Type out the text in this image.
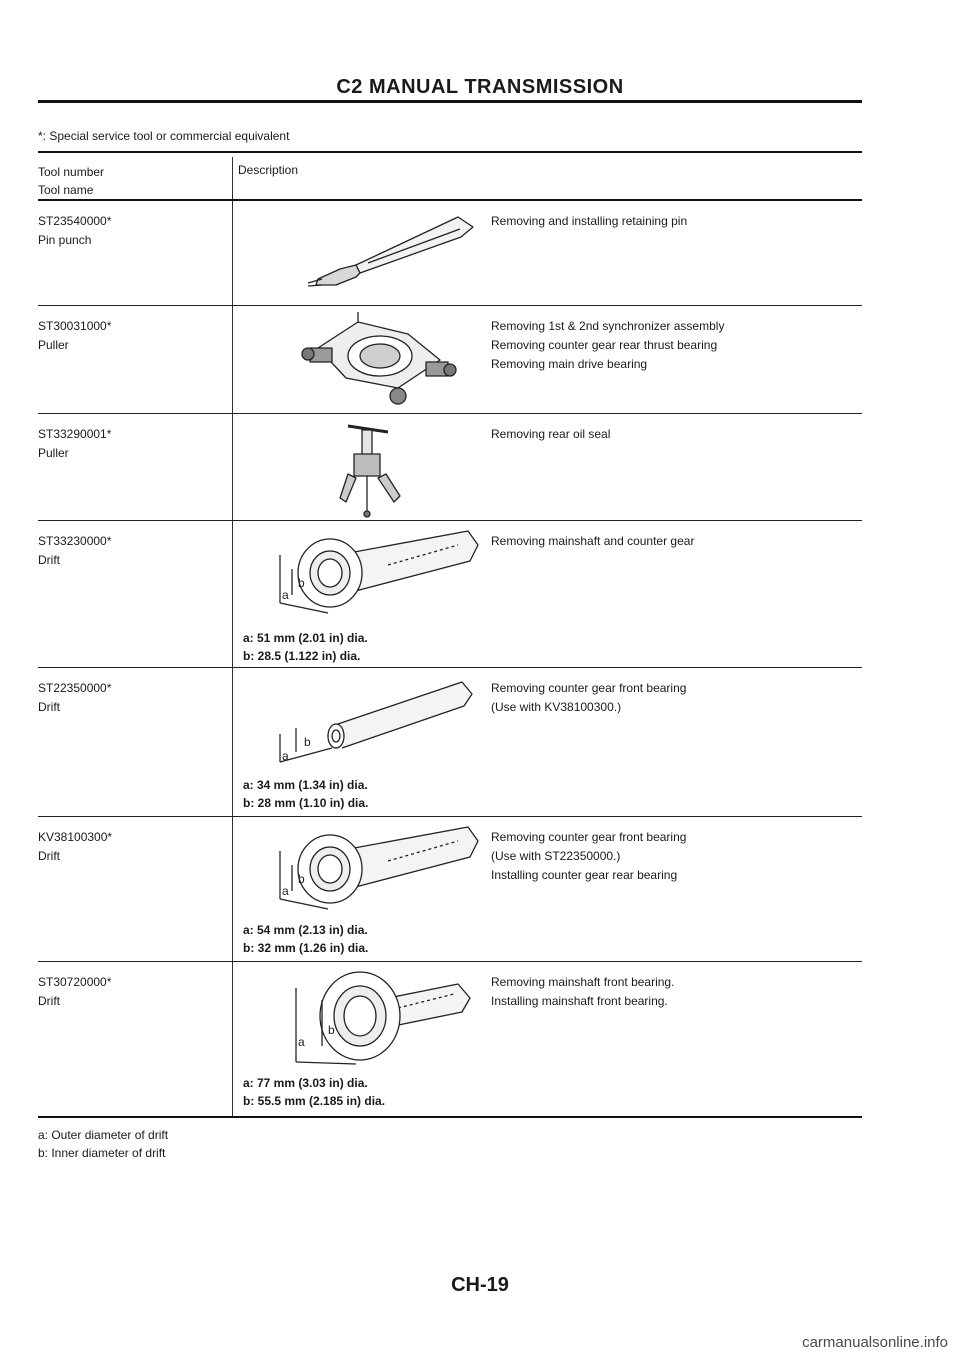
C2 MANUAL TRANSMISSION
*: Special service tool or commercial equivalent
Tool number
Tool name
Description
ST23540000*
Pin punch
Removing and installing retaining pin
ST30031000*
Puller
Removing 1st & 2nd synchronizer assembly
Removing counter gear rear thrust bearing
Removing main drive bearing
ST33290001*
Puller
Removing rear oil seal
ST33230000*
Drift
a
b
a: 51 mm (2.01 in) dia.
b: 28.5 (1.122 in) dia.
Removing mainshaft and counter gear
ST22350000*
Drift
a
b
a: 34 mm (1.34 in) dia.
b: 28 mm (1.10 in) dia.
Removing counter gear front bearing
(Use with KV38100300.)
KV38100300*
Drift
a
b
a: 54 mm (2.13 in) dia.
b: 32 mm (1.26 in) dia.
Removing counter gear front bearing
(Use with ST22350000.)
Installing counter gear rear bearing
ST30720000*
Drift
a
b
a: 77 mm (3.03 in) dia.
b: 55.5 mm (2.185 in) dia.
Removing mainshaft front bearing.
Installing mainshaft front bearing.
a: Outer diameter of drift
b: Inner diameter of drift
CH-19
carmanualsonline.info
